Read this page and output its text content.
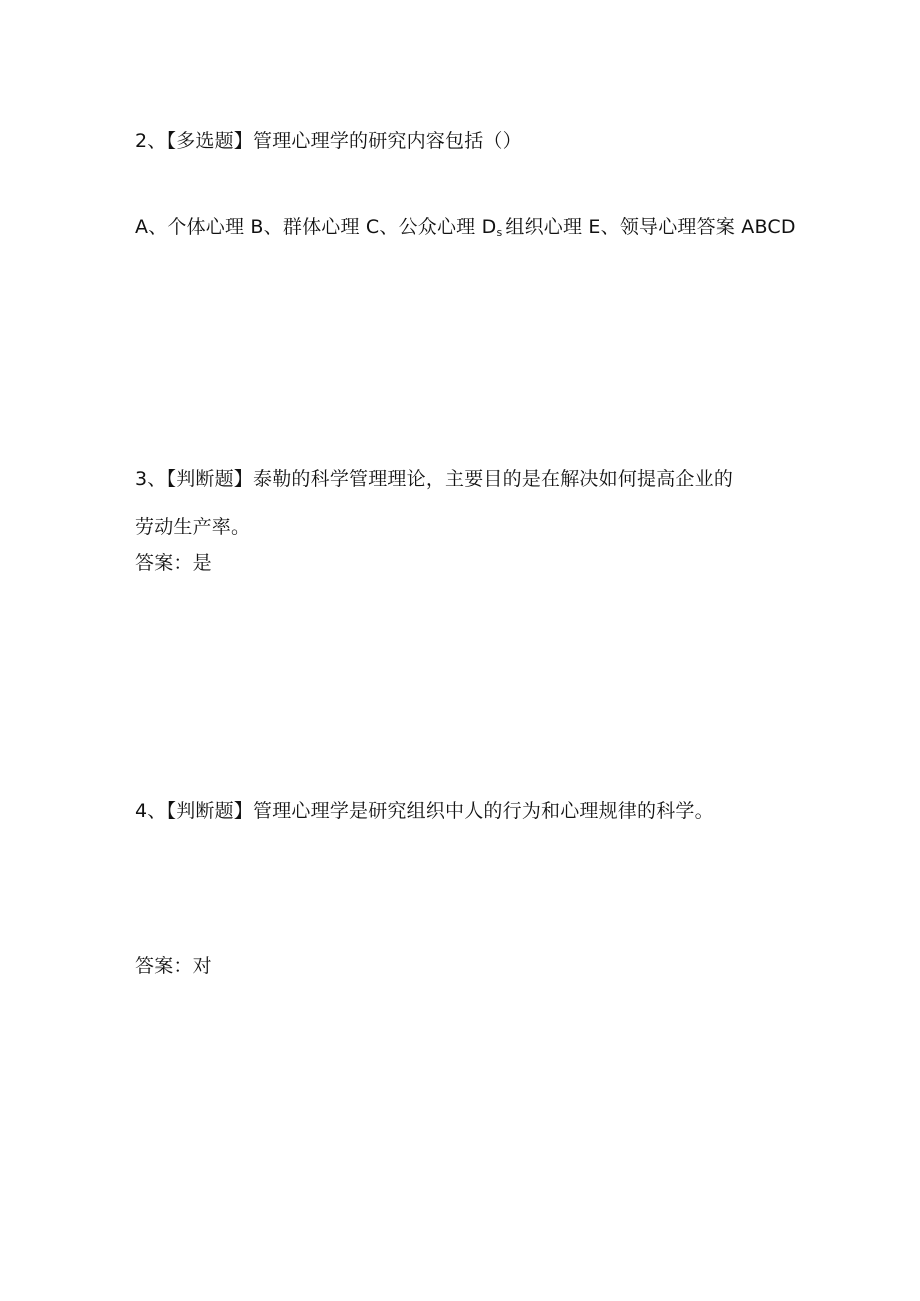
2、【多选题】管理心理学的研究内容包括（）
A、个体心理 B、群体心理 C、公众心理 Ds 组织心理 E、领导心理答案 ABCD
3、【判断题】泰勒的科学管理理论，主要目的是在解决如何提高企业的
劳动生产率。
答案：是
4、【判断题】管理心理学是研究组织中人的行为和心理规律的科学。
答案：对
